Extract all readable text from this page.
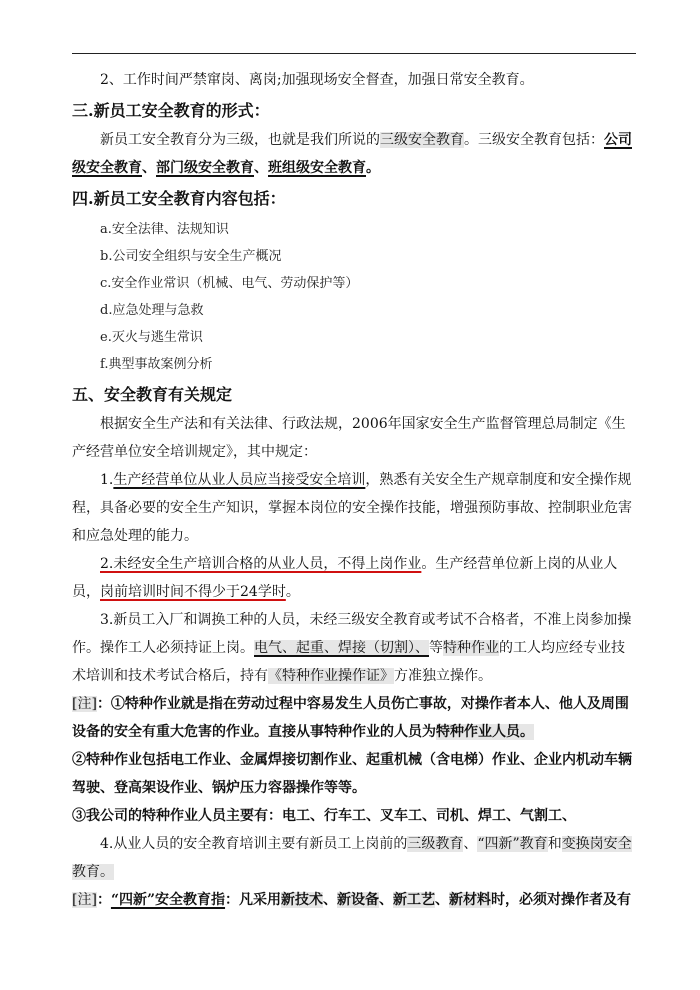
2、工作时间严禁窜岗、离岗;加强现场安全督查，加强日常安全教育。

三.新员工安全教育的形式：

新员工安全教育分为三级，也就是我们所说的三级安全教育。三级安全教育包括：公司级安全教育、部门级安全教育、班组级安全教育。

四.新员工安全教育内容包括：

a.安全法律、法规知识

b.公司安全组织与安全生产概况

c.安全作业常识（机械、电气、劳动保护等）

d.应急处理与急救

e.灭火与逃生常识

f.典型事故案例分析

五、安全教育有关规定

根据安全生产法和有关法律、行政法规，2006年国家安全生产监督管理总局制定《生产经营单位安全培训规定》，其中规定：

1.生产经营单位从业人员应当接受安全培训，熟悉有关安全生产规章制度和安全操作规程，具备必要的安全生产知识，掌握本岗位的安全操作技能，增强预防事故、控制职业危害和应急处理的能力。

2.未经安全生产培训合格的从业人员，不得上岗作业。生产经营单位新上岗的从业人员，岗前培训时间不得少于24学时。

3.新员工入厂和调换工种的人员，未经三级安全教育或考试不合格者，不准上岗参加操作。操作工人必须持证上岗。电气、起重、焊接（切割）、等特种作业的工人均应经专业技术培训和技术考试合格后，持有《特种作业操作证》方准独立操作。

[注]：①特种作业就是指在劳动过程中容易发生人员伤亡事故，对操作者本人、他人及周围设备的安全有重大危害的作业。直接从事特种作业的人员为特种作业人员。

②特种作业包括电工作业、金属焊接切割作业、起重机械（含电梯）作业、企业内机动车辆驾驶、登高架设作业、锅炉压力容器操作等等。

③我公司的特种作业人员主要有：电工、行车工、叉车工、司机、焊工、气割工、

4.从业人员的安全教育培训主要有新员工上岗前的三级教育、“四新”教育和变换岗安全教育。

[注]：“四新”安全教育指：凡采用新技术、新设备、新工艺、新材料时，必须对操作者及有
